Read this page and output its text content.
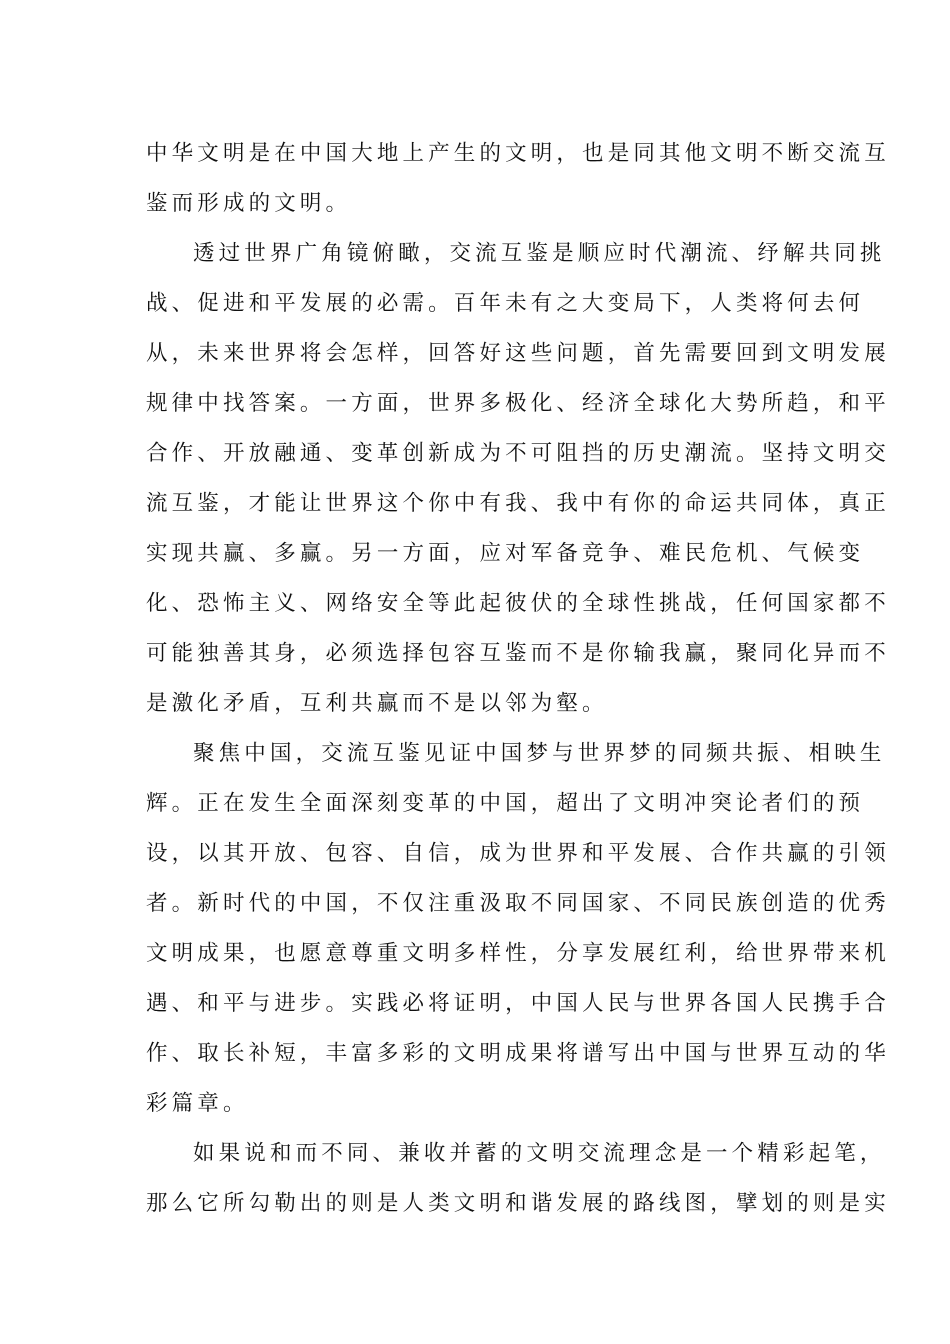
中华文明是在中国大地上产生的文明，也是同其他文明不断交流互
鉴而形成的文明。
透过世界广角镜俯瞰，交流互鉴是顺应时代潮流、纾解共同挑
战、促进和平发展的必需。百年未有之大变局下，人类将何去何
从，未来世界将会怎样，回答好这些问题，首先需要回到文明发展
规律中找答案。一方面，世界多极化、经济全球化大势所趋，和平
合作、开放融通、变革创新成为不可阻挡的历史潮流。坚持文明交
流互鉴，才能让世界这个你中有我、我中有你的命运共同体，真正
实现共赢、多赢。另一方面，应对军备竞争、难民危机、气候变
化、恐怖主义、网络安全等此起彼伏的全球性挑战，任何国家都不
可能独善其身，必须选择包容互鉴而不是你输我赢，聚同化异而不
是激化矛盾，互利共赢而不是以邻为壑。
聚焦中国，交流互鉴见证中国梦与世界梦的同频共振、相映生
辉。正在发生全面深刻变革的中国，超出了文明冲突论者们的预
设，以其开放、包容、自信，成为世界和平发展、合作共赢的引领
者。新时代的中国，不仅注重汲取不同国家、不同民族创造的优秀
文明成果，也愿意尊重文明多样性，分享发展红利，给世界带来机
遇、和平与进步。实践必将证明，中国人民与世界各国人民携手合
作、取长补短，丰富多彩的文明成果将谱写出中国与世界互动的华
彩篇章。
如果说和而不同、兼收并蓄的文明交流理念是一个精彩起笔，
那么它所勾勒出的则是人类文明和谐发展的路线图，擘划的则是实
